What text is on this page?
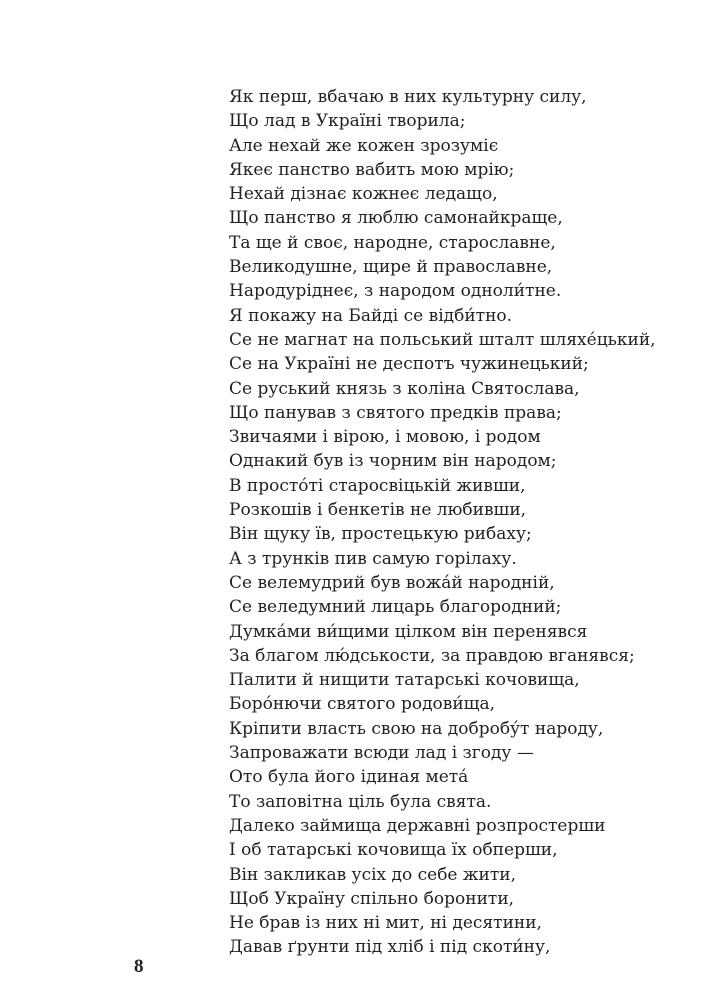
Як перш, вбачаю в них культурну силу,
Що лад в Україні творила;
Але нехай же кожен зрозуміє
Якеє панство вабить мою мрію;
Нехай дізнає кожнеє ледащо,
Що панство я люблю самонайкраще,
Та ще й своє, народне, старославне,
Великодушне, щире й православне,
Народуріднеє, з народом одноли́тне.
Я покажу на Байді се відби́тно.
Се не магнат на польський шталт шляхе́цький,
Се на Україні не деспотъ чужинецький;
Се руський князь з коліна Святослава,
Що панував з святого предків права;
Звичаями і вірою, і мовою, і родом
Однакий був із чорним він народом;
В просто́ті старосвіцькій живши,
Розкошів і бенкетів не любивши,
Він щуку їв, простецькую рибаху;
А з трунків пив самую горілаху.
Се велемудрий був вожа́й народній,
Се веледумний лицарь благородний;
Думка́ми ви́щими цілком він перенявся
За благом лю́дськости, за правдою вганявся;
Палити й нищити татарські кочовища,
Боро́нючи святого родови́ща,
Кріпити власть свою на добробу́т народу,
Запроважати всюди лад і згоду —
Ото була його ідиная мета́
То заповітна ціль була свята.
Далеко займища державні розпростерши
І об татарські кочовища їх обперши,
Він закликав усіх до себе жити,
Щоб Україну спільно боронити,
Не брав із них ні мит, ні десятини,
Давав ґрунти під хліб і під скоти́ну,
8
